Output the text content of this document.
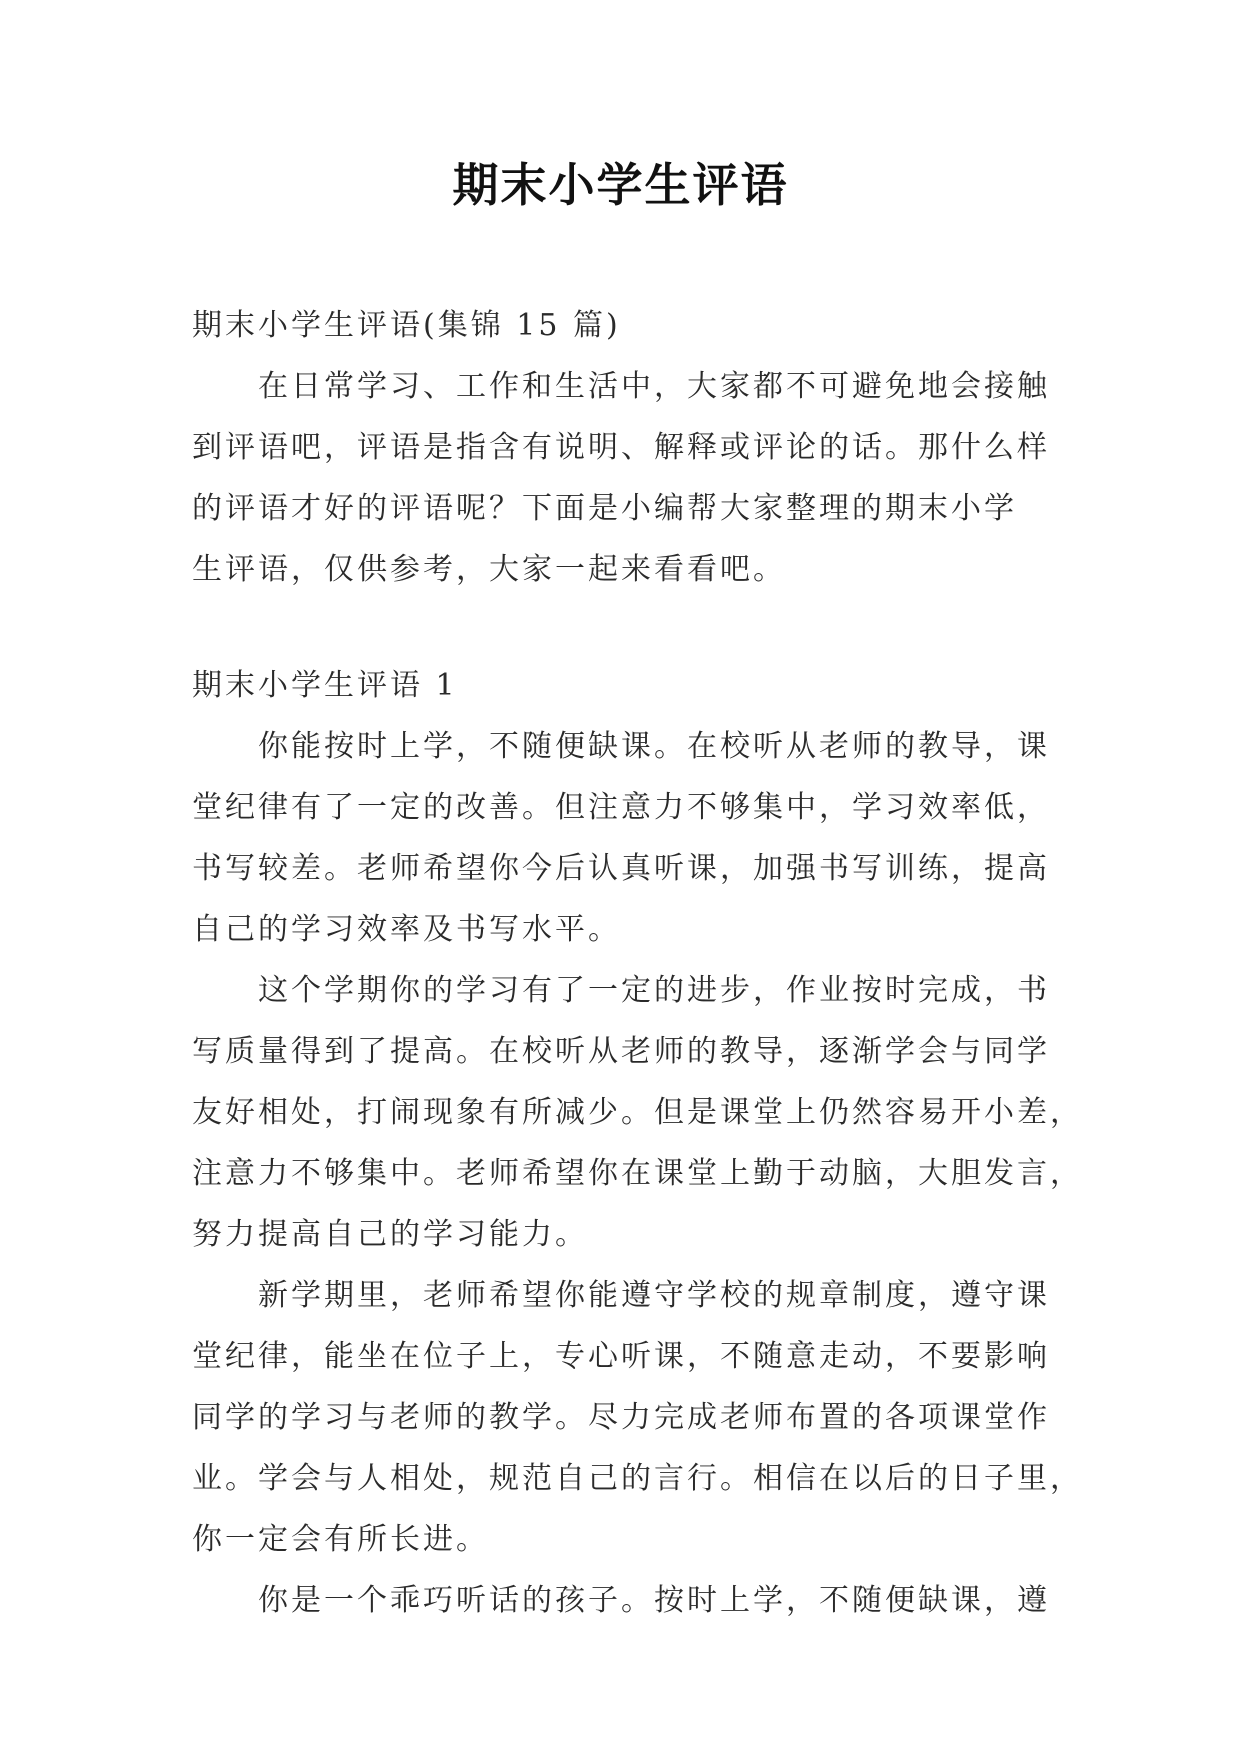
期末小学生评语

期末小学生评语(集锦 15 篇)

在日常学习、工作和生活中，大家都不可避免地会接触

到评语吧，评语是指含有说明、解释或评论的话。那什么样

的评语才好的评语呢？下面是小编帮大家整理的期末小学

生评语，仅供参考，大家一起来看看吧。

期末小学生评语 1

你能按时上学，不随便缺课。在校听从老师的教导，课

堂纪律有了一定的改善。但注意力不够集中，学习效率低，

书写较差。老师希望你今后认真听课，加强书写训练，提高

自己的学习效率及书写水平。

这个学期你的学习有了一定的进步，作业按时完成，书

写质量得到了提高。在校听从老师的教导，逐渐学会与同学

友好相处，打闹现象有所减少。但是课堂上仍然容易开小差，

注意力不够集中。老师希望你在课堂上勤于动脑，大胆发言，

努力提高自己的学习能力。

新学期里，老师希望你能遵守学校的规章制度，遵守课

堂纪律，能坐在位子上，专心听课，不随意走动，不要影响

同学的学习与老师的教学。尽力完成老师布置的各项课堂作

业。学会与人相处，规范自己的言行。相信在以后的日子里，

你一定会有所长进。

你是一个乖巧听话的孩子。按时上学，不随便缺课，遵
